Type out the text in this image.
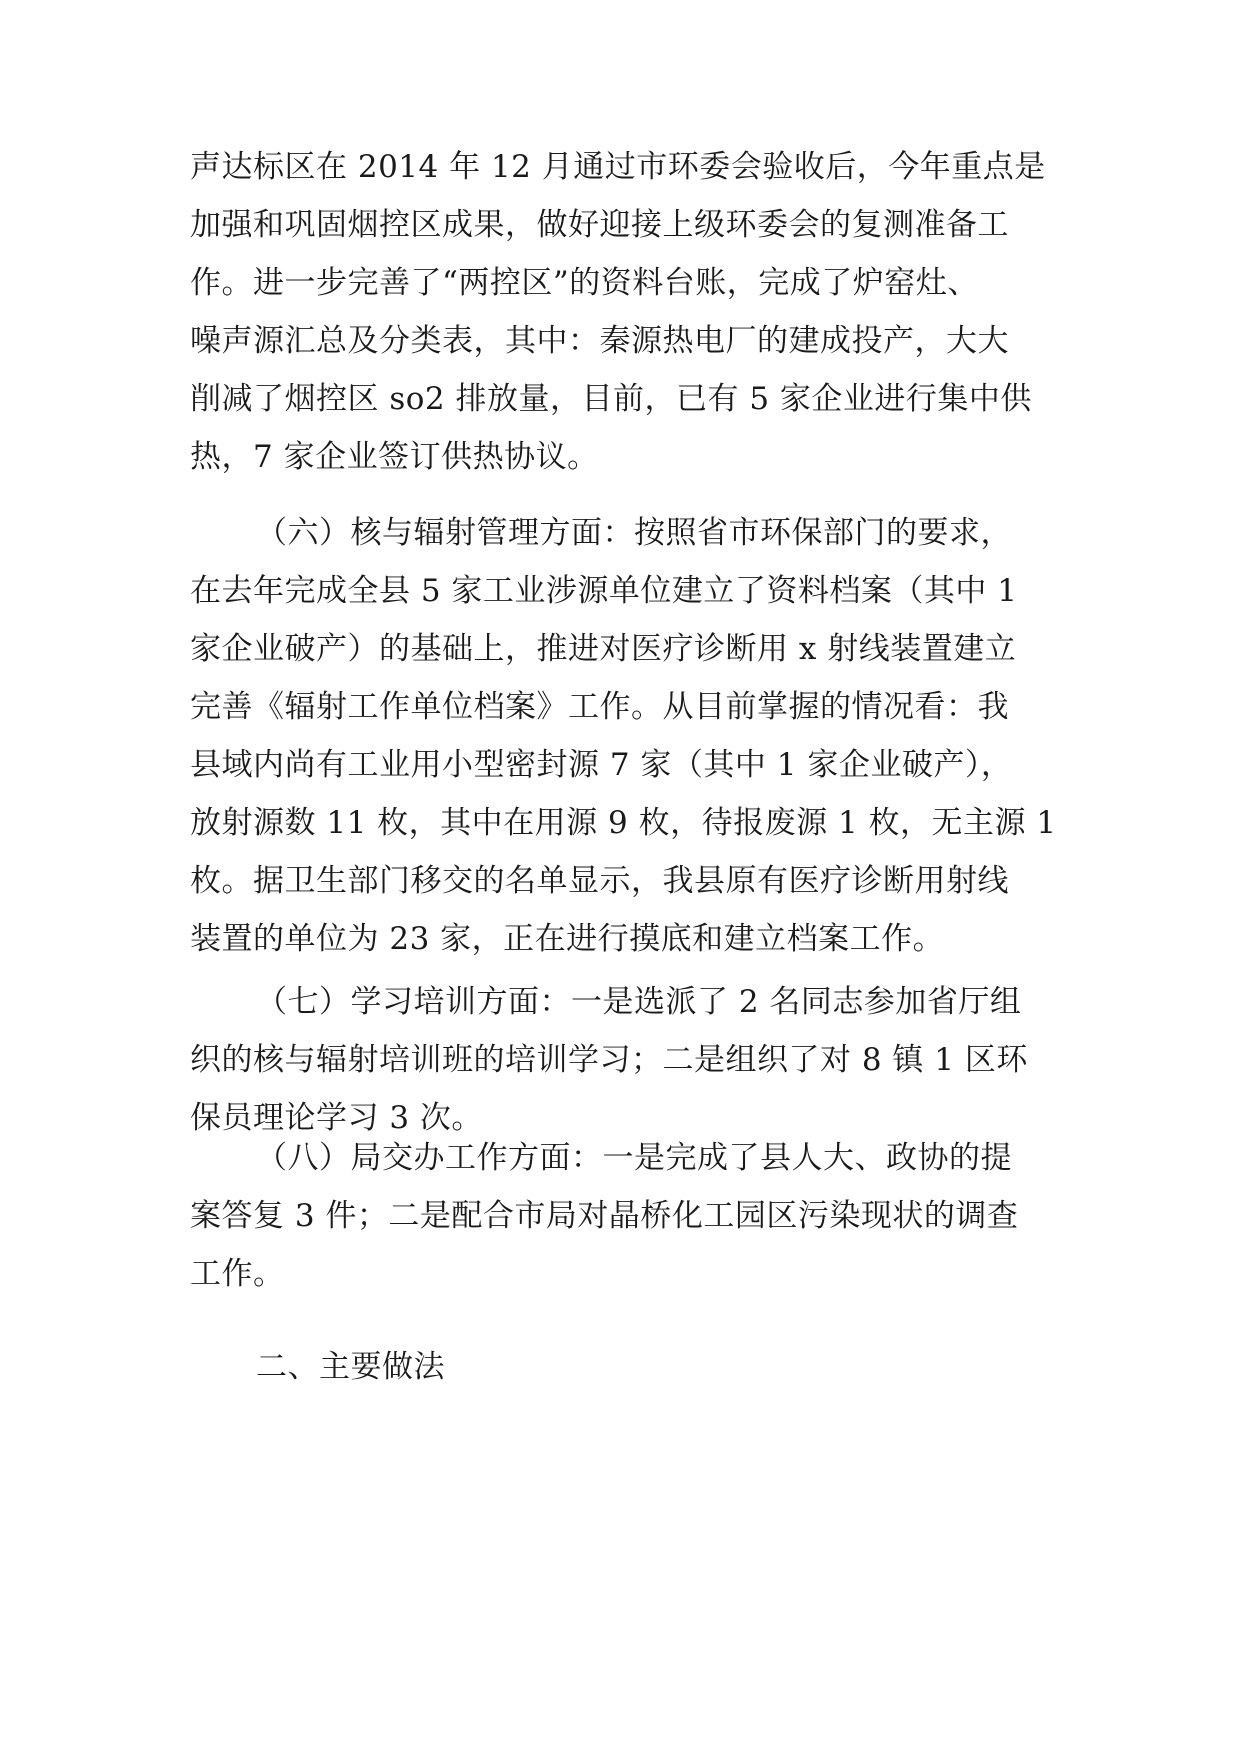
声达标区在 2014 年 12 月通过市环委会验收后，今年重点是
加强和巩固烟控区成果，做好迎接上级环委会的复测准备工
作。进一步完善了“两控区”的资料台账，完成了炉窑灶、
噪声源汇总及分类表，其中：秦源热电厂的建成投产，大大
削减了烟控区 so2 排放量，目前，已有 5 家企业进行集中供
热，7 家企业签订供热协议。
（六）核与辐射管理方面：按照省市环保部门的要求，
在去年完成全县 5 家工业涉源单位建立了资料档案（其中 1
家企业破产）的基础上，推进对医疗诊断用 x 射线装置建立
完善《辐射工作单位档案》工作。从目前掌握的情况看：我
县域内尚有工业用小型密封源 7 家（其中 1 家企业破产），
放射源数 11 枚，其中在用源 9 枚，待报废源 1 枚，无主源 1
枚。据卫生部门移交的名单显示，我县原有医疗诊断用射线
装置的单位为 23 家，正在进行摸底和建立档案工作。
（七）学习培训方面：一是选派了 2 名同志参加省厅组
织的核与辐射培训班的培训学习；二是组织了对 8 镇 1 区环
保员理论学习 3 次。
（八）局交办工作方面：一是完成了县人大、政协的提
案答复 3 件；二是配合市局对晶桥化工园区污染现状的调查
工作。
二、主要做法
